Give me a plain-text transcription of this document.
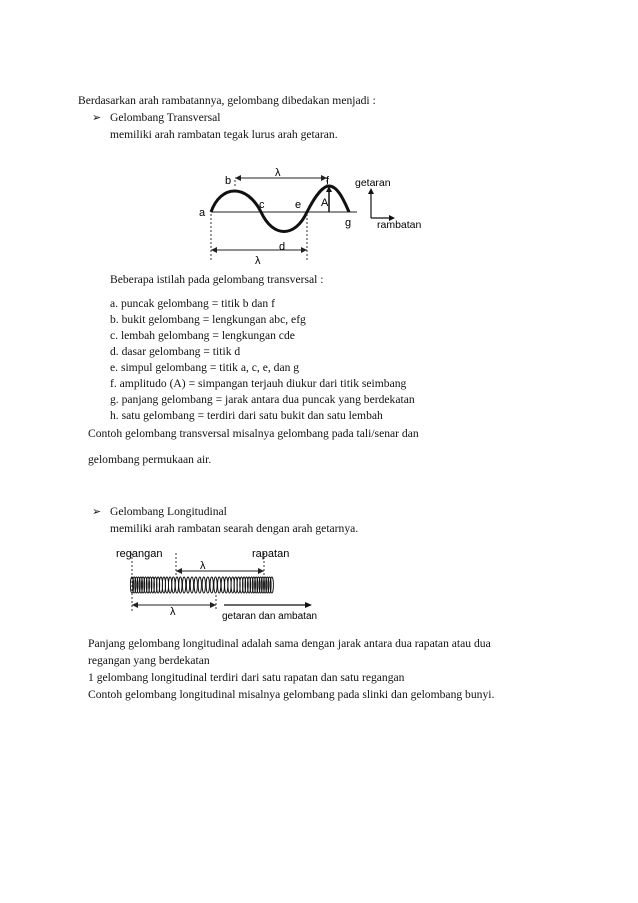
Berdasarkan arah rambatannya, gelombang dibedakan menjadi :
➢ Gelombang Transversal
memiliki arah rambatan tegak lurus arah getaran.
a
b
c
d
e
f
g
A
λ
λ
getaran
rambatan
Beberapa istilah pada gelombang transversal :
a. puncak gelombang = titik b dan f
b. bukit gelombang = lengkungan abc, efg
c. lembah gelombang = lengkungan cde
d. dasar gelombang = titik d
e. simpul gelombang = titik a, c, e, dan g
f. amplitudo (A) = simpangan terjauh diukur dari titik seimbang
g. panjang gelombang = jarak antara dua puncak yang berdekatan
h. satu gelombang = terdiri dari satu bukit dan satu lembah
Contoh gelombang transversal misalnya gelombang pada tali/senar dan
gelombang permukaan air.
➢ Gelombang Longitudinal
memiliki arah rambatan searah dengan arah getarnya.
regangan	rapatan
λ
λ	getaran dan ambatan
Panjang gelombang longitudinal adalah sama dengan jarak antara dua rapatan atau dua
regangan yang berdekatan
1 gelombang longitudinal terdiri dari satu rapatan dan satu regangan
Contoh gelombang longitudinal misalnya gelombang pada slinki dan gelombang bunyi.
